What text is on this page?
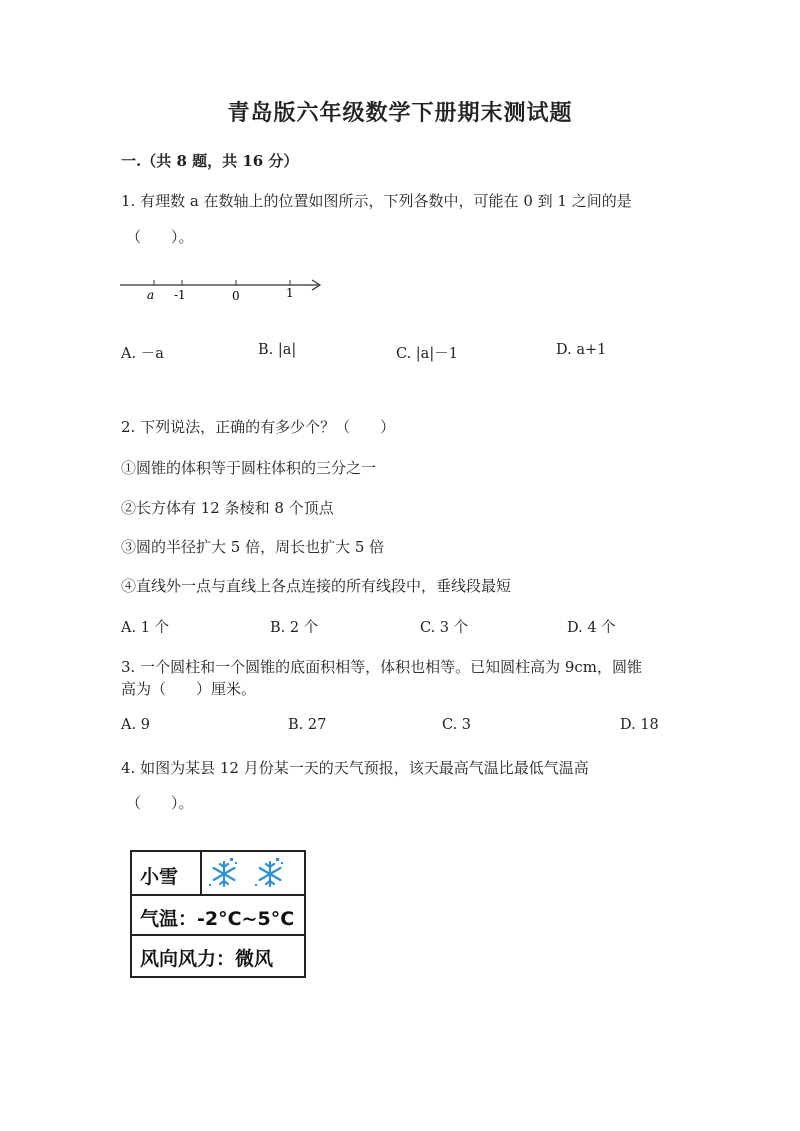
青岛版六年级数学下册期末测试题
一.（共 8 题，共 16 分）
1. 有理数 a 在数轴上的位置如图所示，下列各数中，可能在 0 到 1 之间的是
（　　）。
a -1	0	1
A. －a	B. |a|	C. |a|－1	D. a+1
2. 下列说法，正确的有多少个？（　　）
①圆锥的体积等于圆柱体积的三分之一
②长方体有 12 条棱和 8 个顶点
③圆的半径扩大 5 倍，周长也扩大 5 倍
④直线外一点与直线上各点连接的所有线段中，垂线段最短
A. 1 个	B. 2 个	C. 3 个	D. 4 个
3. 一个圆柱和一个圆锥的底面积相等，体积也相等。已知圆柱高为 9cm，圆锥
高为（　　）厘米。
A. 9	B. 27	C. 3	D. 18
4. 如图为某县 12 月份某一天的天气预报，该天最高气温比最低气温高
（　　）。
小雪
气温：-2°C~5°C
风向风力：微风
